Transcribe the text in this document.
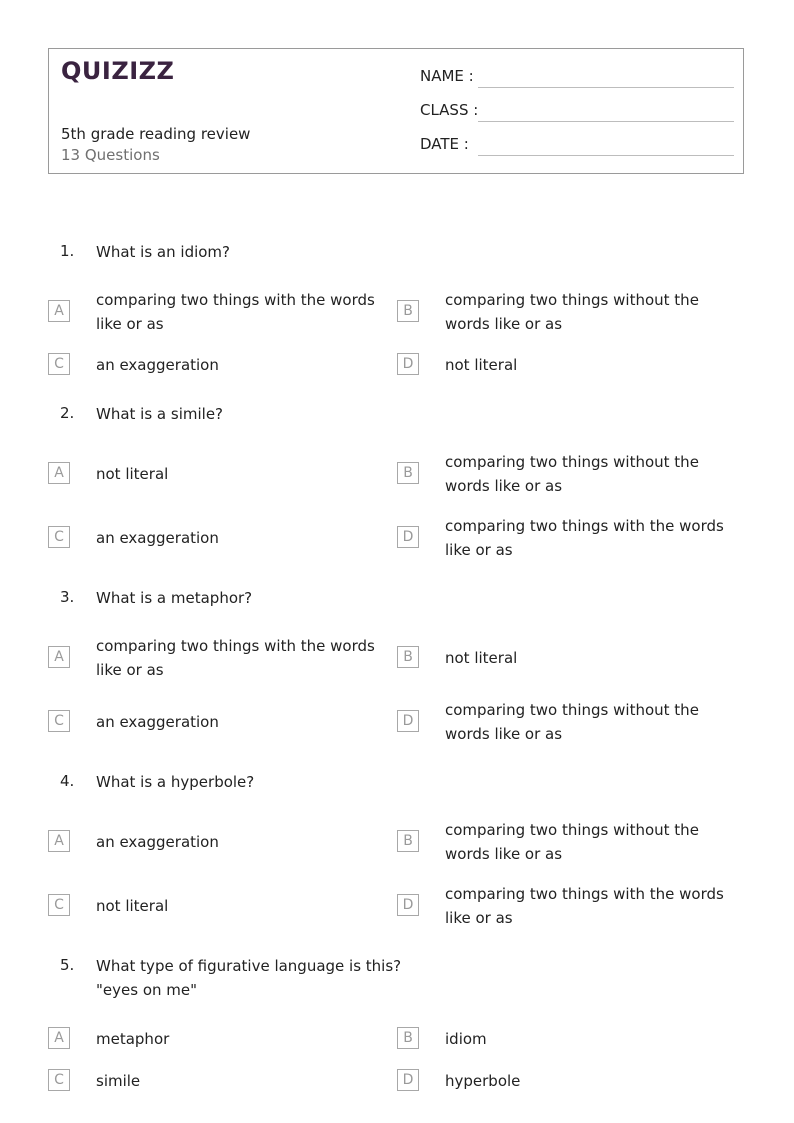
QUIZIZZ
5th grade reading review
13 Questions
NAME :
CLASS :
DATE :
1. What is an idiom?
A
comparing two things with the words like or as
B
comparing two things without the words like or as
C	an exaggeration	D	not literal
2. What is a simile?
A	not literal	B
comparing two things without the words like or as
C	an exaggeration	D
comparing two things with the words like or as
3. What is a metaphor?
A
comparing two things with the words like or as
B	not literal
C	an exaggeration	D
comparing two things without the words like or as
4. What is a hyperbole?
A	an exaggeration	B
comparing two things without the words like or as
C	not literal	D
comparing two things with the words like or as
5. What type of figurative language is this?
"eyes on me"
A	metaphor	B	idiom
C	simile	D	hyperbole
